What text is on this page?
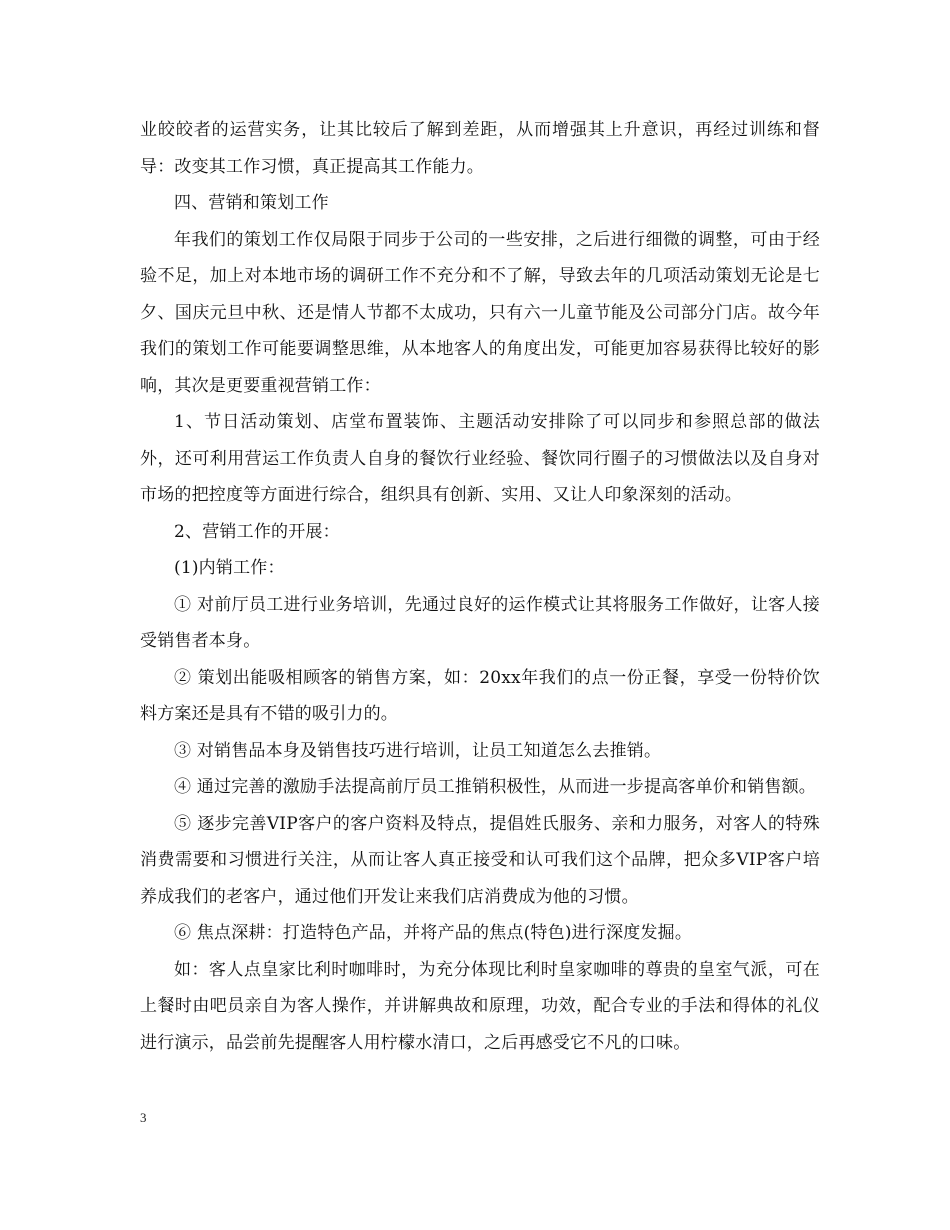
业皎皎者的运营实务，让其比较后了解到差距，从而增强其上升意识，再经过训练和督导：改变其工作习惯，真正提高其工作能力。

四、营销和策划工作

年我们的策划工作仅局限于同步于公司的一些安排，之后进行细微的调整，可由于经验不足，加上对本地市场的调研工作不充分和不了解，导致去年的几项活动策划无论是七夕、国庆元旦中秋、还是情人节都不太成功，只有六一儿童节能及公司部分门店。故今年我们的策划工作可能要调整思维，从本地客人的角度出发，可能更加容易获得比较好的影响，其次是更要重视营销工作：

1、节日活动策划、店堂布置装饰、主题活动安排除了可以同步和参照总部的做法外，还可利用营运工作负责人自身的餐饮行业经验、餐饮同行圈子的习惯做法以及自身对市场的把控度等方面进行综合，组织具有创新、实用、又让人印象深刻的活动。

2、营销工作的开展：

(1)内销工作：

① 对前厅员工进行业务培训，先通过良好的运作模式让其将服务工作做好，让客人接受销售者本身。

② 策划出能吸相顾客的销售方案，如：20xx年我们的点一份正餐，享受一份特价饮料方案还是具有不错的吸引力的。

③ 对销售品本身及销售技巧进行培训，让员工知道怎么去推销。

④ 通过完善的激励手法提高前厅员工推销积极性，从而进一步提高客单价和销售额。

⑤ 逐步完善VIP客户的客户资料及特点，提倡姓氏服务、亲和力服务，对客人的特殊消费需要和习惯进行关注，从而让客人真正接受和认可我们这个品牌，把众多VIP客户培养成我们的老客户，通过他们开发让来我们店消费成为他的习惯。

⑥ 焦点深耕：打造特色产品，并将产品的焦点(特色)进行深度发掘。

如：客人点皇家比利时咖啡时，为充分体现比利时皇家咖啡的尊贵的皇室气派，可在上餐时由吧员亲自为客人操作，并讲解典故和原理，功效，配合专业的手法和得体的礼仪进行演示，品尝前先提醒客人用柠檬水清口，之后再感受它不凡的口味。

3
